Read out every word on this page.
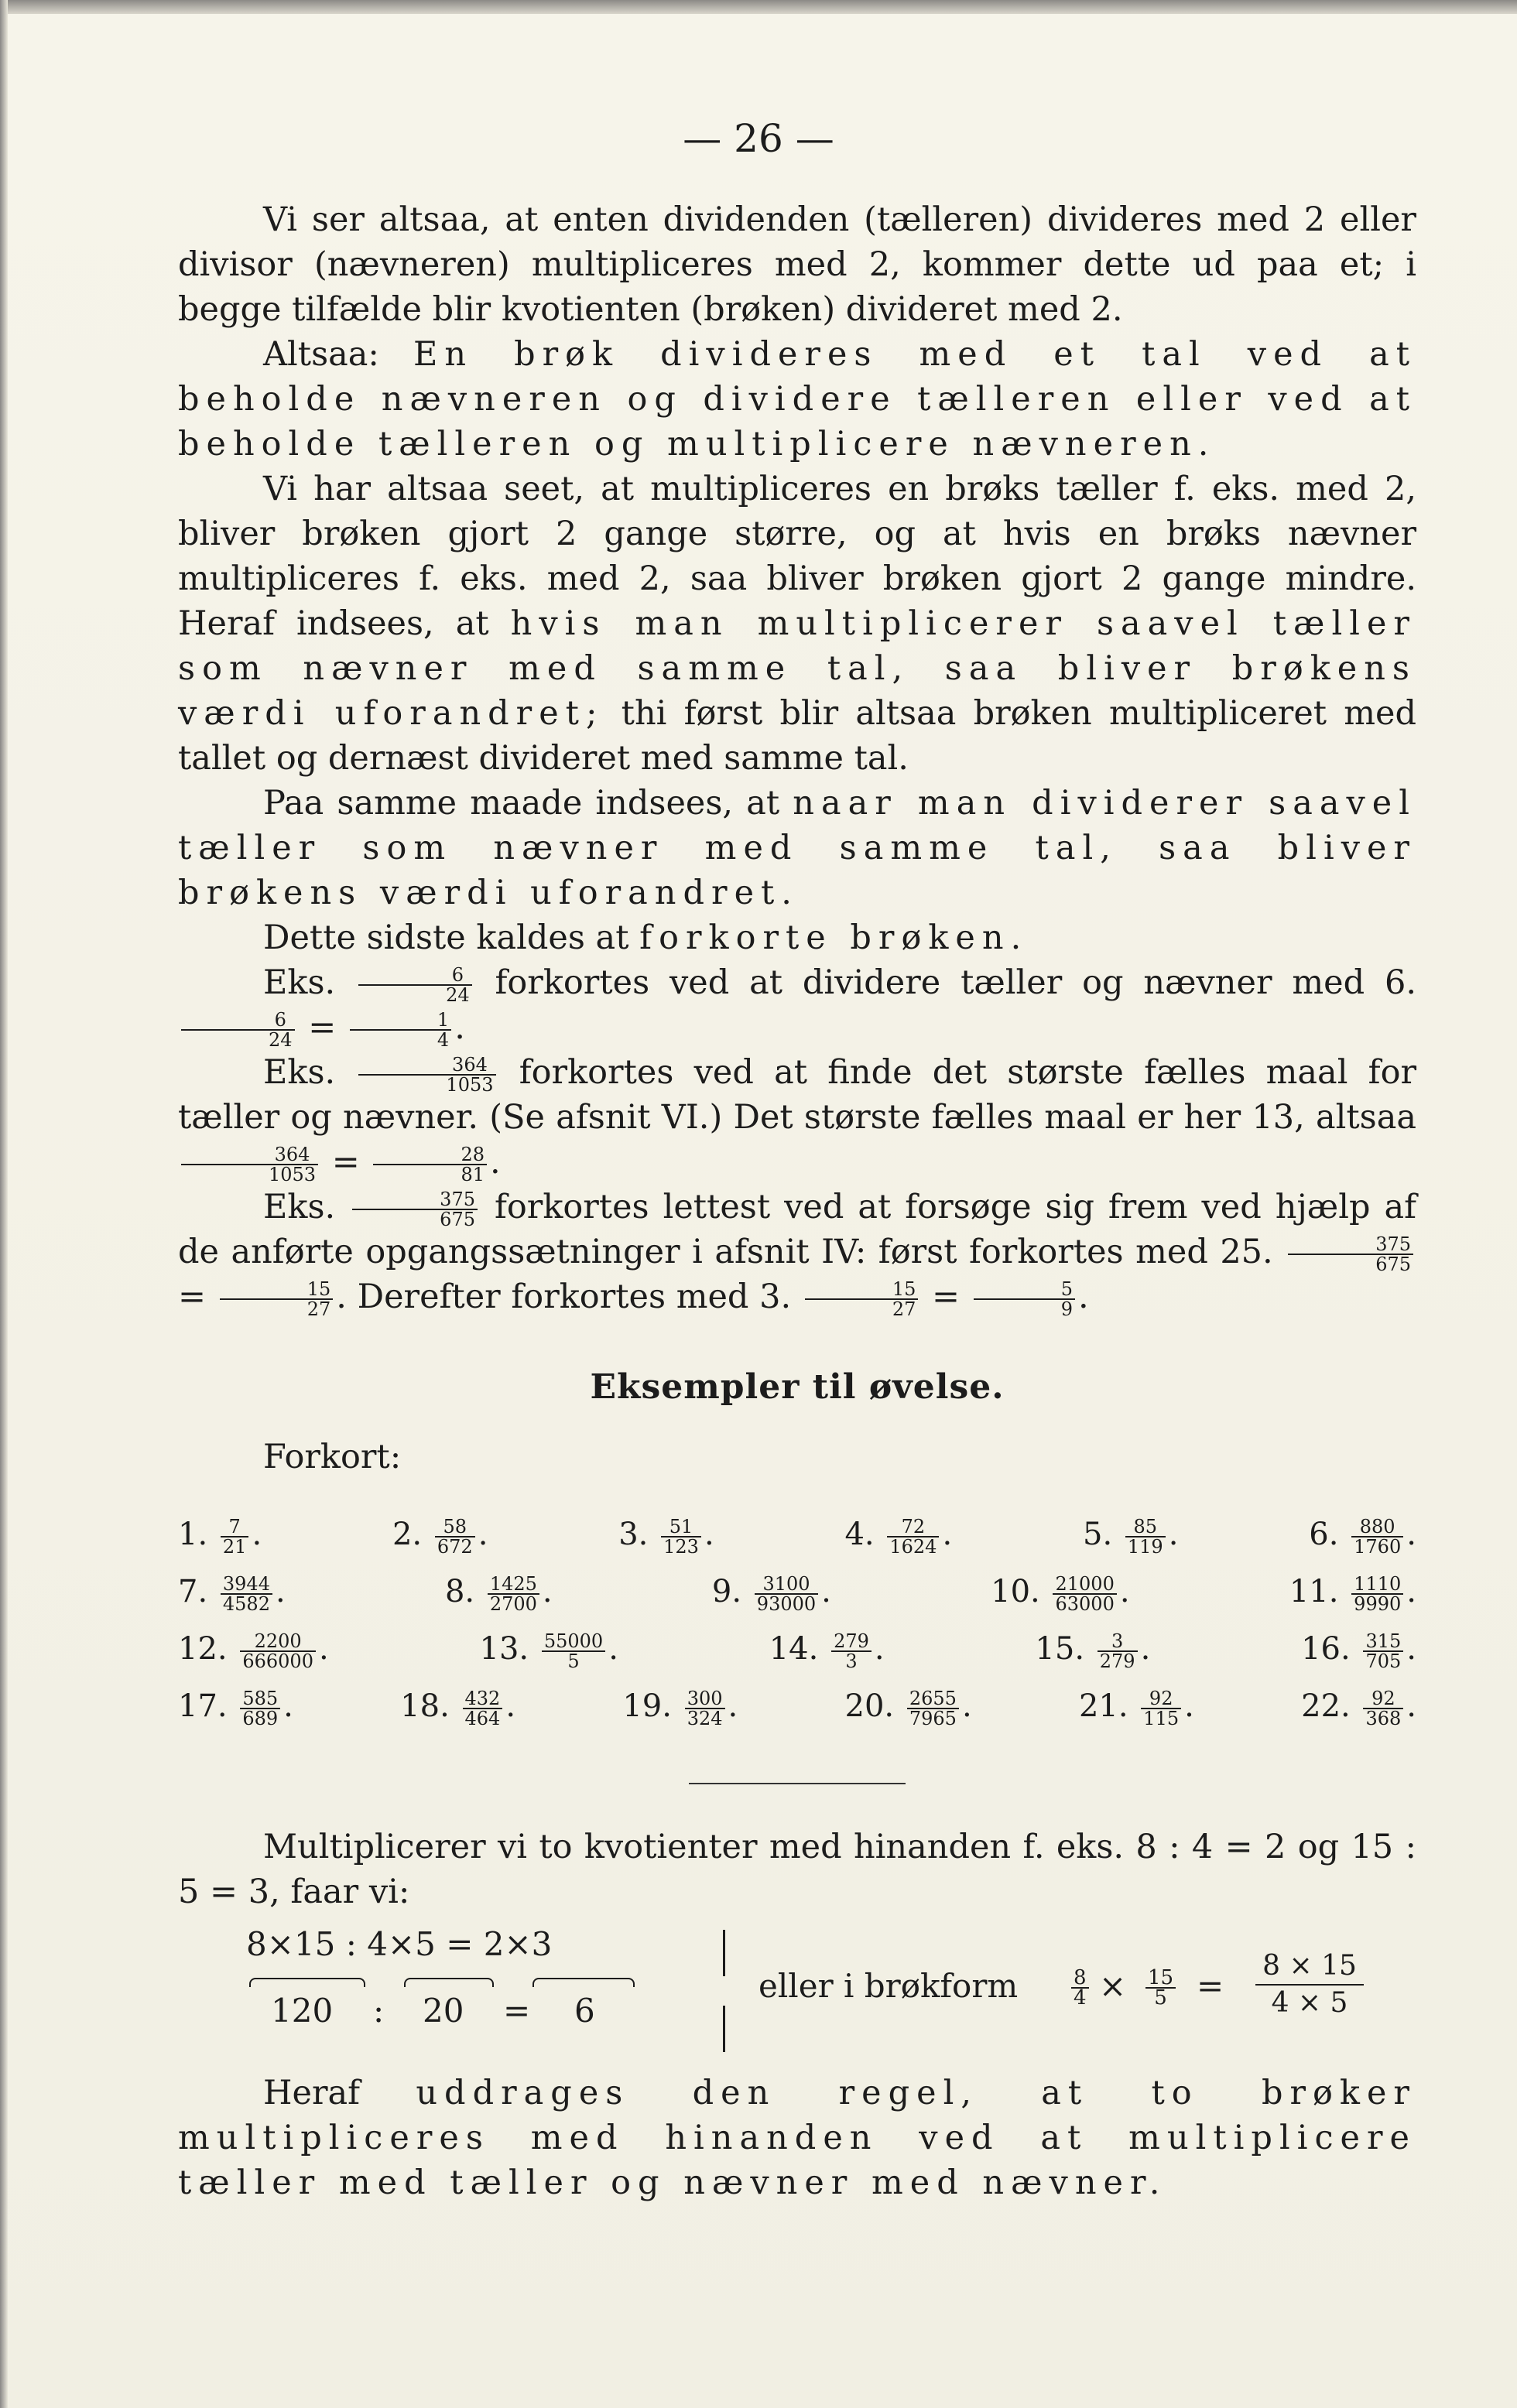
— 26 —

Vi ser altsaa, at enten dividenden (tælleren) divideres med 2 eller divisor (nævneren) multipliceres med 2, kommer dette ud paa et; i begge tilfælde blir kvotienten (brøken) divideret med 2.

Altsaa: En brøk divideres med et tal ved at beholde nævneren og dividere tælleren eller ved at beholde tælleren og multiplicere nævneren.

Vi har altsaa seet, at multipliceres en brøks tæller f. eks. med 2, bliver brøken gjort 2 gange større, og at hvis en brøks nævner multipliceres f. eks. med 2, saa bliver brøken gjort 2 gange mindre. Heraf indsees, at hvis man multiplicerer saavel tæller som nævner med samme tal, saa bliver brøkens værdi uforandret; thi først blir altsaa brøken multipliceret med tallet og dernæst divideret med samme tal.

Paa samme maade indsees, at naar man dividerer saavel tæller som nævner med samme tal, saa bliver brøkens værdi uforandret.

Dette sidste kaldes at forkorte brøken.

Eks. $\frac{6}{24}$ forkortes ved at dividere tæller og nævner med 6.
$\frac{6}{24} = \frac{1}{4}$ .

Eks. $\frac{364}{1053}$ forkortes ved at finde det største fælles maal for tæller og nævner. (Se afsnit VI.) Det største fælles maal er her 13, altsaa
$\frac{364}{1053} = \frac{28}{81}$ .

Eks. $\frac{375}{675}$ forkortes lettest ved at forsøge sig frem ved hjælp af de anførte opgangssætninger i afsnit IV: først forkortes med 25. $\frac{375}{675}$
= $\frac{15}{27}$ . Derefter forkortes med 3. $\frac{15}{27} = \frac{5}{9}$ .

Eksempler til øvelse.
Forkort:
1. $\frac{7}{21}$ .	2. $\frac{58}{672}$ .	3. $\frac{51}{123}$ .	4. $\frac{72}{1624}$ .	5. $\frac{85}{119}$ .	6. $\frac{880}{1760}$ .
7. $\frac{3944}{4582}$ .	8. $\frac{1425}{2700}$ .	9. $\frac{3100}{93000}$ .	10. $\frac{21000}{63000}$ .	11. $\frac{1110}{9990}$ .
12. $\frac{2200}{666000}$ .	13. $\frac{55000}{5}$ .	14. $\frac{279}{3}$ .	15. $\frac{3}{279}$ .	16. $\frac{315}{705}$ .
17. $\frac{585}{689}$ .	18. $\frac{432}{464}$ .	19. $\frac{300}{324}$ .	20. $\frac{2655}{7965}$ .	21. $\frac{92}{115}$ .	22. $\frac{92}{368}$ .

Multiplicerer vi to kvotienter med hinanden f. eks. 8 : 4 = 2 og 15 : 5 = 3, faar vi:

8×15 : 4×5 = 2×3
120 : 20 = 6
eller i brøkform	$\frac{8}{4} \times \frac{15}{5} = \frac{8 \times 15}{4 \times 5}$

Heraf uddrages den regel, at to brøker multipliceres med hinanden ved at multiplicere tæller med tæller og nævner med nævner.
